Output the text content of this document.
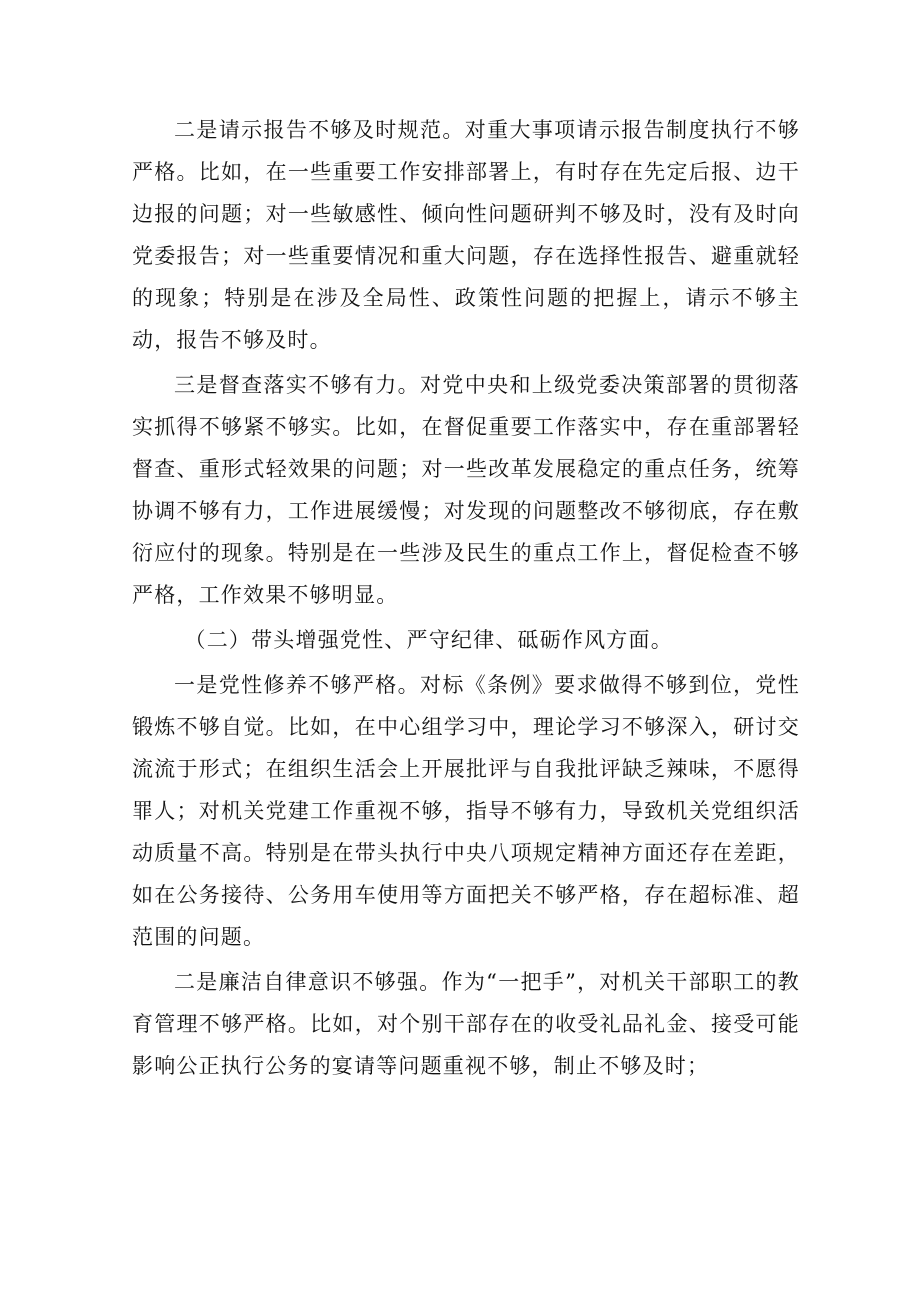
二是请示报告不够及时规范。对重大事项请示报告制度执行不够严格。比如，在一些重要工作安排部署上，有时存在先定后报、边干边报的问题；对一些敏感性、倾向性问题研判不够及时，没有及时向党委报告；对一些重要情况和重大问题，存在选择性报告、避重就轻的现象；特别是在涉及全局性、政策性问题的把握上，请示不够主动，报告不够及时。

三是督查落实不够有力。对党中央和上级党委决策部署的贯彻落实抓得不够紧不够实。比如，在督促重要工作落实中，存在重部署轻督查、重形式轻效果的问题；对一些改革发展稳定的重点任务，统筹协调不够有力，工作进展缓慢；对发现的问题整改不够彻底，存在敷衍应付的现象。特别是在一些涉及民生的重点工作上，督促检查不够严格，工作效果不够明显。

（二）带头增强党性、严守纪律、砥砺作风方面。

一是党性修养不够严格。对标《条例》要求做得不够到位，党性锻炼不够自觉。比如，在中心组学习中，理论学习不够深入，研讨交流流于形式；在组织生活会上开展批评与自我批评缺乏辣味，不愿得罪人；对机关党建工作重视不够，指导不够有力，导致机关党组织活动质量不高。特别是在带头执行中央八项规定精神方面还存在差距，如在公务接待、公务用车使用等方面把关不够严格，存在超标准、超范围的问题。

二是廉洁自律意识不够强。作为“一把手”，对机关干部职工的教育管理不够严格。比如，对个别干部存在的收受礼品礼金、接受可能影响公正执行公务的宴请等问题重视不够，制止不够及时；
